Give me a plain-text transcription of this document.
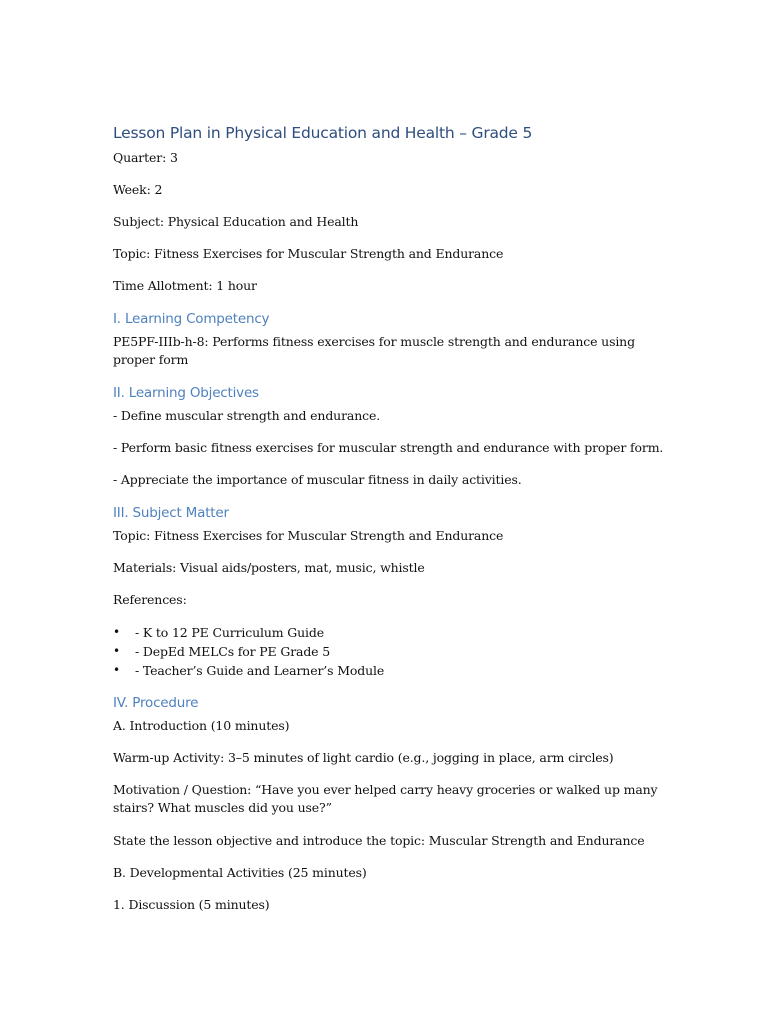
Lesson Plan in Physical Education and Health – Grade 5

Quarter: 3

Week: 2

Subject: Physical Education and Health

Topic: Fitness Exercises for Muscular Strength and Endurance

Time Allotment: 1 hour

I. Learning Competency

PE5PF-IIIb-h-8: Performs fitness exercises for muscle strength and endurance using proper form

II. Learning Objectives

- Define muscular strength and endurance.

- Perform basic fitness exercises for muscular strength and endurance with proper form.

- Appreciate the importance of muscular fitness in daily activities.

III. Subject Matter

Topic: Fitness Exercises for Muscular Strength and Endurance

Materials: Visual aids/posters, mat, music, whistle

References:

• - K to 12 PE Curriculum Guide
• - DepEd MELCs for PE Grade 5
• - Teacher’s Guide and Learner’s Module
IV. Procedure

A. Introduction (10 minutes)

Warm-up Activity: 3–5 minutes of light cardio (e.g., jogging in place, arm circles)

Motivation / Question: “Have you ever helped carry heavy groceries or walked up many stairs? What muscles did you use?”

State the lesson objective and introduce the topic: Muscular Strength and Endurance

B. Developmental Activities (25 minutes)

1. Discussion (5 minutes)
